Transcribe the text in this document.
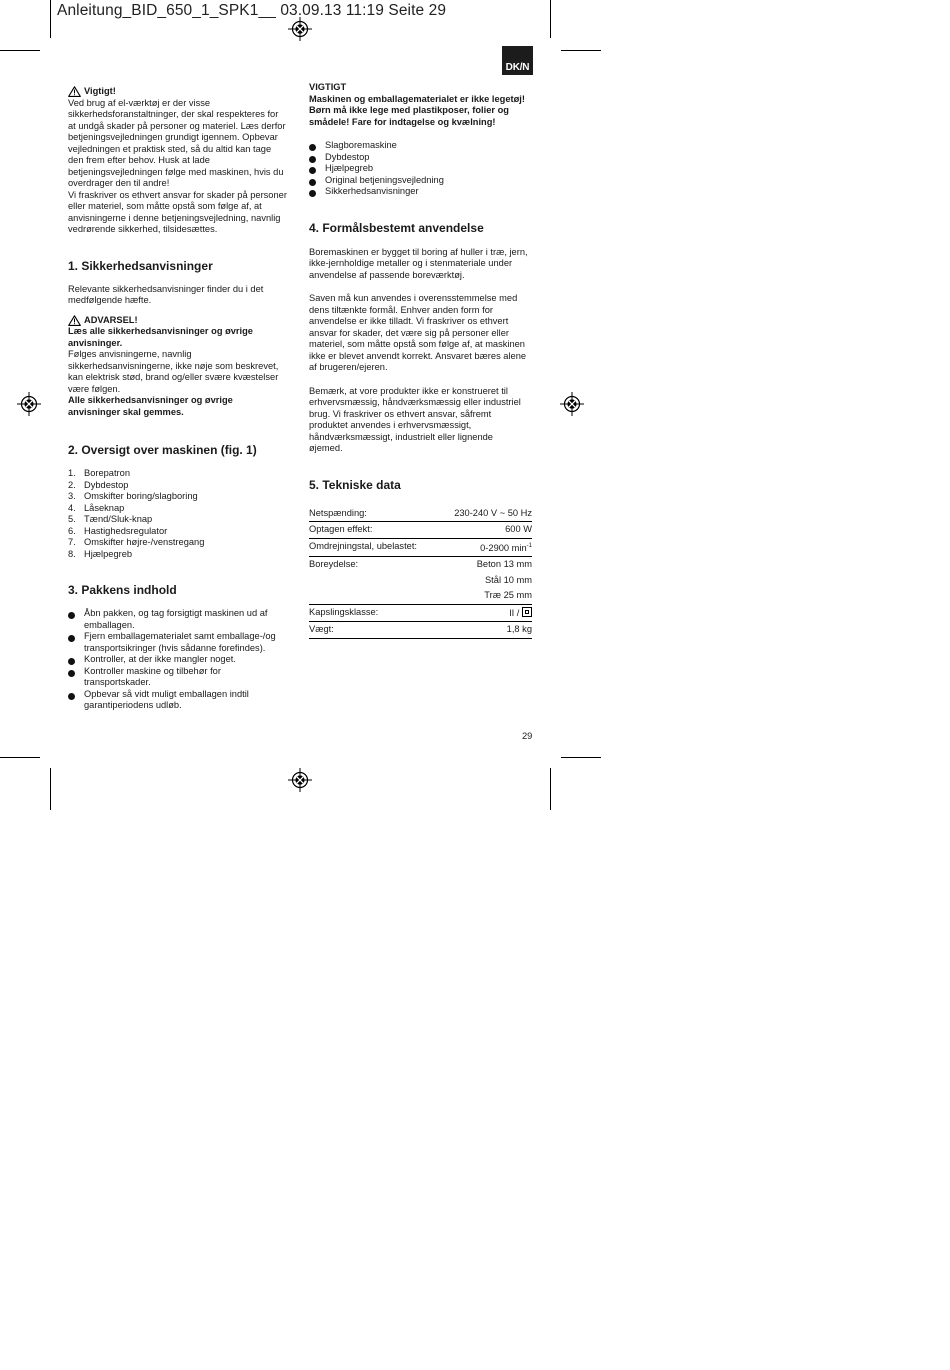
Anleitung_BID_650_1_SPK1__ 03.09.13 11:19 Seite 29
DK/N
Vigtigt!

Ved brug af el-værktøj er der visse
sikkerhedsforanstaltninger, der skal respekteres for
at undgå skader på personer og materiel. Læs derfor
betjeningsvejledningen grundigt igennem. Opbevar
vejledningen et praktisk sted, så du altid kan tage
den frem efter behov. Husk at lade
betjeningsvejledningen følge med maskinen, hvis du
overdrager den til andre!
Vi fraskriver os ethvert ansvar for skader på personer
eller materiel, som måtte opstå som følge af, at
anvisningerne i denne betjeningsvejledning, navnlig
vedrørende sikkerhed, tilsidesættes.

1. Sikkerhedsanvisninger

Relevante sikkerhedsanvisninger finder du i det
medfølgende hæfte.

ADVARSEL!

Læs alle sikkerhedsanvisninger og øvrige
anvisninger.

Følges anvisningerne, navnlig
sikkerhedsanvisningerne, ikke nøje som beskrevet,
kan elektrisk stød, brand og/eller svære kvæstelser
være følgen.

Alle sikkerhedsanvisninger og øvrige
anvisninger skal gemmes.

2. Oversigt over maskinen (fig. 1)
1. Borepatron
2. Dybdestop
3. Omskifter boring/slagboring
4. Låseknap
5. Tænd/Sluk-knap
6. Hastighedsregulator
7. Omskifter højre-/venstregang
8. Hjælpegreb
3. Pakkens indhold
Åbn pakken, og tag forsigtigt maskinen ud af
emballagen.
Fjern emballagematerialet samt emballage-/og
transportsikringer (hvis sådanne forefindes).
Kontroller, at der ikke mangler noget.
Kontroller maskine og tilbehør for
transportskader.
Opbevar så vidt muligt emballagen indtil
garantiperiodens udløb.

VIGTIGT

Maskinen og emballagematerialet er ikke legetøj!
Børn må ikke lege med plastikposer, folier og
smådele! Fare for indtagelse og kvælning!

Slagboremaskine
Dybdestop
Hjælpegreb
Original betjeningsvejledning
Sikkerhedsanvisninger
4. Formålsbestemt anvendelse

Boremaskinen er bygget til boring af huller i træ, jern,
ikke-jernholdige metaller og i stenmateriale under
anvendelse af passende boreværktøj.

Saven må kun anvendes i overensstemmelse med
dens tiltænkte formål. Enhver anden form for
anvendelse er ikke tilladt. Vi fraskriver os ethvert
ansvar for skader, det være sig på personer eller
materiel, som måtte opstå som følge af, at maskinen
ikke er blevet anvendt korrekt. Ansvaret bæres alene
af brugeren/ejeren.

Bemærk, at vore produkter ikke er konstrueret til
erhvervsmæssig, håndværksmæssig eller industriel
brug. Vi fraskriver os ethvert ansvar, såfremt
produktet anvendes i erhvervsmæssigt,
håndværksmæssigt, industrielt eller lignende
øjemed.

5. Tekniske data
Netspænding:	230-240 V ~ 50 Hz
Optagen effekt:	600 W
Omdrejningstal, ubelastet:	0-2900 $\min^{-1}$
Boreydelse:	Beton 13 mm
	Stål 10 mm
	Træ 25 mm
Kapslingsklasse:	II /
Vægt:	1,8 kg
29
